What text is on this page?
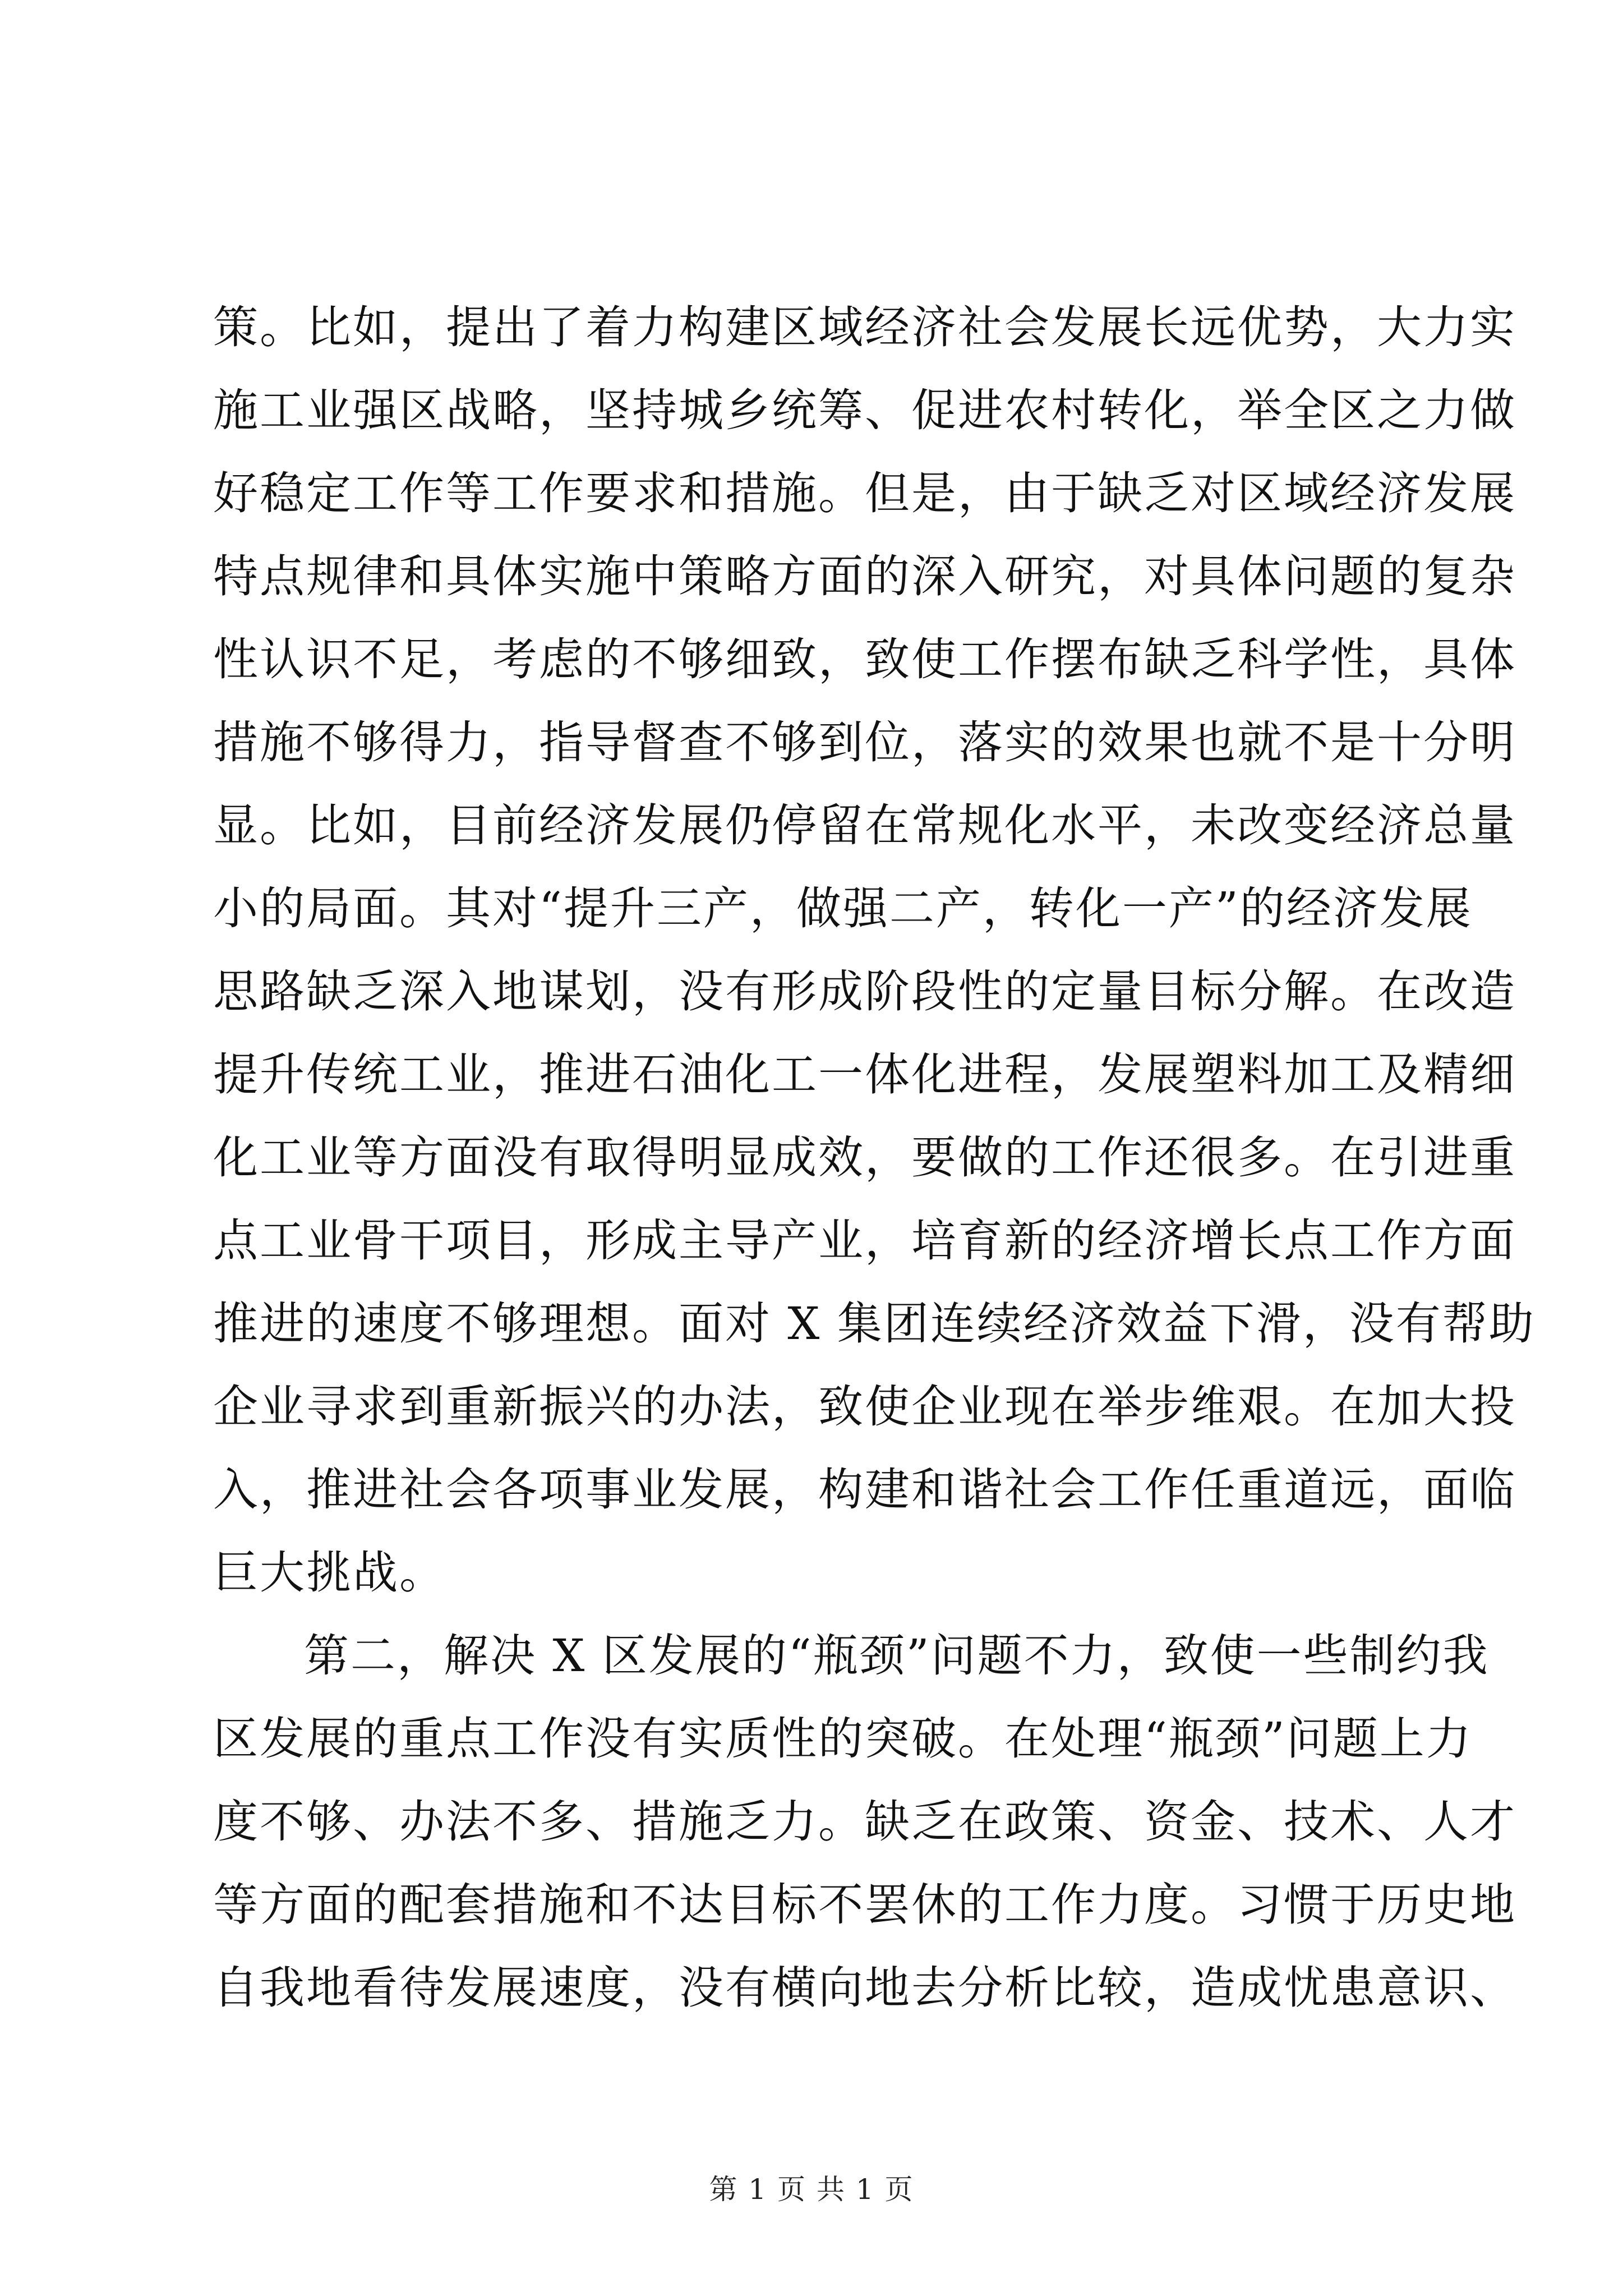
策。比如，提出了着力构建区域经济社会发展长远优势，大力实
施工业强区战略，坚持城乡统筹、促进农村转化，举全区之力做
好稳定工作等工作要求和措施。但是，由于缺乏对区域经济发展
特点规律和具体实施中策略方面的深入研究，对具体问题的复杂
性认识不足，考虑的不够细致，致使工作摆布缺乏科学性，具体
措施不够得力，指导督查不够到位，落实的效果也就不是十分明
显。比如，目前经济发展仍停留在常规化水平，未改变经济总量
小的局面。其对“提升三产，做强二产，转化一产”的经济发展
思路缺乏深入地谋划，没有形成阶段性的定量目标分解。在改造
提升传统工业，推进石油化工一体化进程，发展塑料加工及精细
化工业等方面没有取得明显成效，要做的工作还很多。在引进重
点工业骨干项目，形成主导产业，培育新的经济增长点工作方面
推进的速度不够理想。面对 X 集团连续经济效益下滑，没有帮助
企业寻求到重新振兴的办法，致使企业现在举步维艰。在加大投
入，推进社会各项事业发展，构建和谐社会工作任重道远，面临
巨大挑战。
第二，解决 X 区发展的“瓶颈”问题不力，致使一些制约我
区发展的重点工作没有实质性的突破。在处理“瓶颈”问题上力
度不够、办法不多、措施乏力。缺乏在政策、资金、技术、人才
等方面的配套措施和不达目标不罢休的工作力度。习惯于历史地
自我地看待发展速度，没有横向地去分析比较，造成忧患意识、
第 1 页 共 1 页
